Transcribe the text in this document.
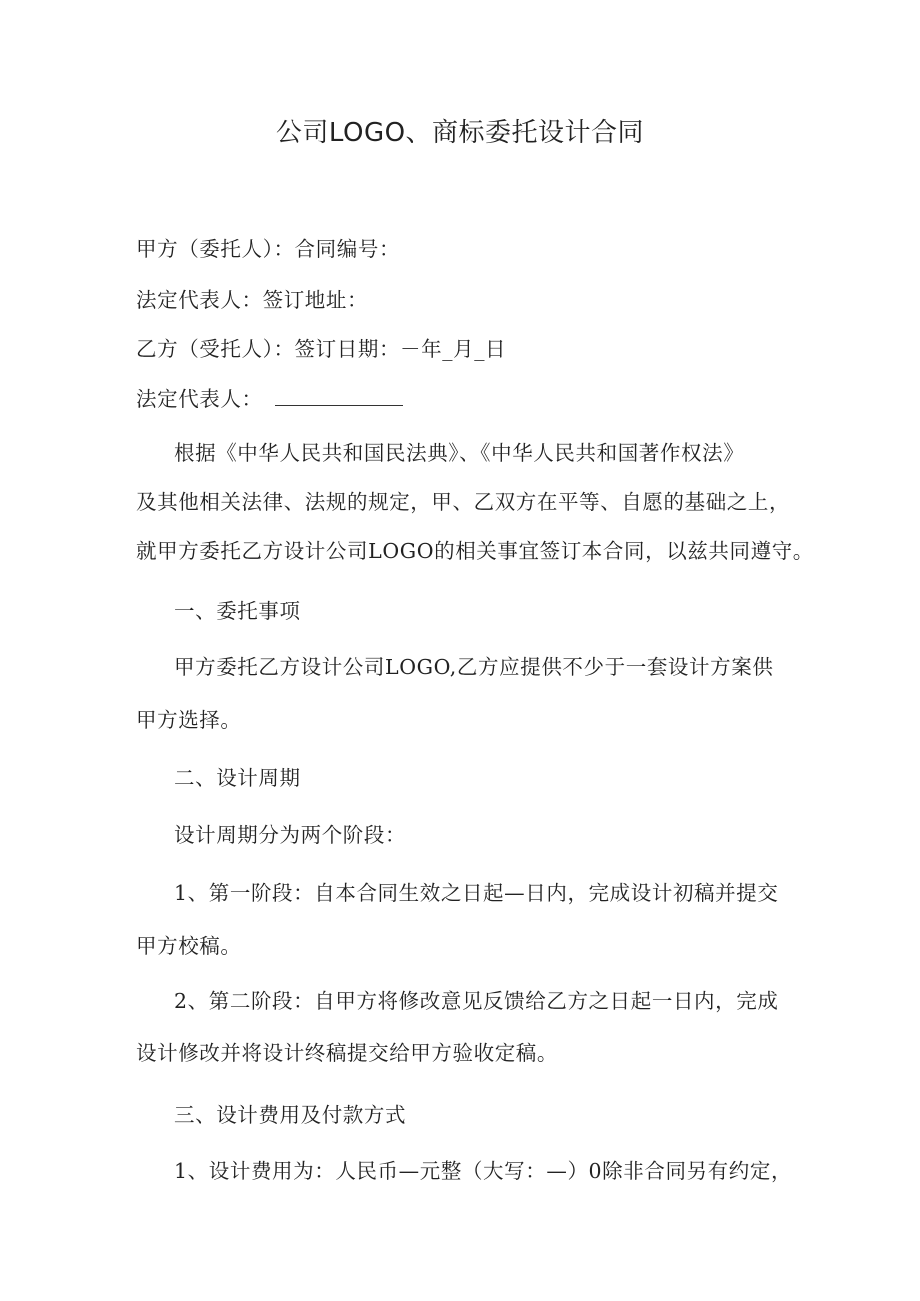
公司LOGO、商标委托设计合同
甲方（委托人）：合同编号：
法定代表人：签订地址：
乙方（受托人）：签订日期：－年_月_日
法定代表人：
根据《中华人民共和国民法典》、《中华人民共和国著作权法》
及其他相关法律、法规的规定，甲、乙双方在平等、自愿的基础之上，
就甲方委托乙方设计公司LOGO的相关事宜签订本合同，以兹共同遵守。
一、委托事项
甲方委托乙方设计公司LOGO,乙方应提供不少于一套设计方案供
甲方选择。
二、设计周期
设计周期分为两个阶段：
1、第一阶段：自本合同生效之日起—日内，完成设计初稿并提交
甲方校稿。
2、第二阶段：自甲方将修改意见反馈给乙方之日起一日内，完成
设计修改并将设计终稿提交给甲方验收定稿。
三、设计费用及付款方式
1、设计费用为：人民币—元整（大写：—）0除非合同另有约定，
